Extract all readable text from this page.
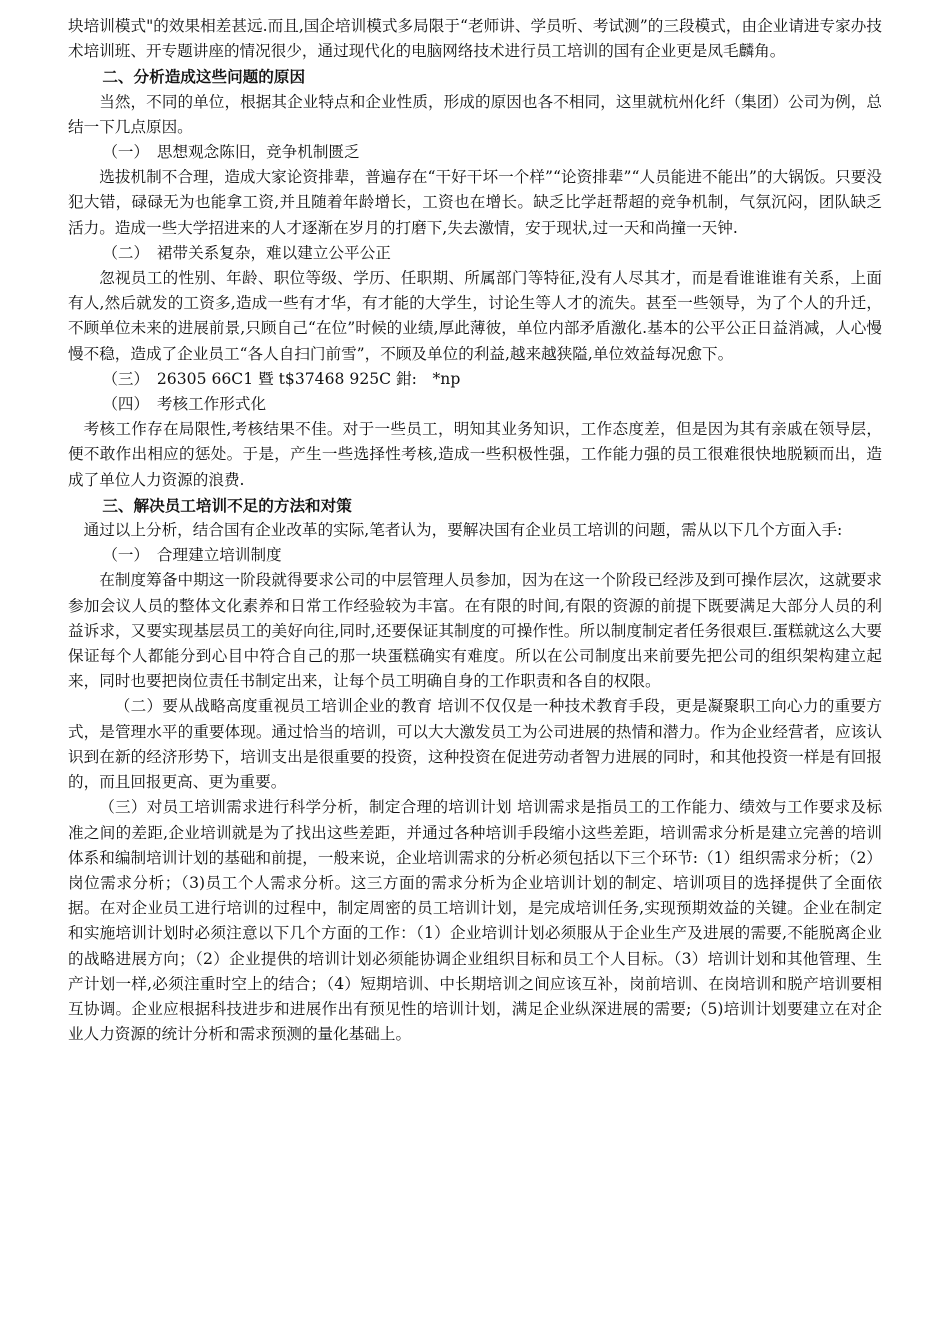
块培训模式"的效果相差甚远.而且,国企培训模式多局限于“老师讲、学员听、考试测”的三段模式，由企业请进专家办技术培训班、开专题讲座的情况很少，通过现代化的电脑网络技术进行员工培训的国有企业更是凤毛麟角。

二、分析造成这些问题的原因

当然，不同的单位，根据其企业特点和企业性质，形成的原因也各不相同，这里就杭州化纤（集团）公司为例，总结一下几点原因。

（一）　思想观念陈旧，竞争机制匮乏

选拔机制不合理，造成大家论资排辈，普遍存在“干好干坏一个样”“论资排辈”“人员能进不能出”的大锅饭。只要没犯大错，碌碌无为也能拿工资,并且随着年龄增长，工资也在增长。缺乏比学赶帮超的竞争机制，气氛沉闷，团队缺乏活力。造成一些大学招进来的人才逐渐在岁月的打磨下,失去激情，安于现状,过一天和尚撞一天钟.

（二）　裙带关系复杂，难以建立公平公正

忽视员工的性别、年龄、职位等级、学历、任职期、所属部门等特征,没有人尽其才，而是看谁谁谁有关系，上面有人,然后就发的工资多,造成一些有才华，有才能的大学生，讨论生等人才的流失。甚至一些领导，为了个人的升迁，不顾单位未来的进展前景,只顾自己“在位”时候的业绩,厚此薄彼，单位内部矛盾激化.基本的公平公正日益消减，人心慢慢不稳，造成了企业员工“各人自扫门前雪”，不顾及单位的利益,越来越狭隘,单位效益每况愈下。

（三）　26305 66C1 暨 t$37468 925C 鉗:　*np

（四）　考核工作形式化

考核工作存在局限性,考核结果不佳。对于一些员工，明知其业务知识，工作态度差，但是因为其有亲戚在领导层，便不敢作出相应的惩处。于是，产生一些选择性考核,造成一些积极性强，工作能力强的员工很难很快地脱颖而出，造成了单位人力资源的浪费.

三、解决员工培训不足的方法和对策

通过以上分析，结合国有企业改革的实际,笔者认为，要解决国有企业员工培训的问题，需从以下几个方面入手:

（一）　合理建立培训制度

在制度筹备中期这一阶段就得要求公司的中层管理人员参加，因为在这一个阶段已经涉及到可操作层次，这就要求参加会议人员的整体文化素养和日常工作经验较为丰富。在有限的时间,有限的资源的前提下既要满足大部分人员的利益诉求，又要实现基层员工的美好向往,同时,还要保证其制度的可操作性。所以制度制定者任务很艰巨.蛋糕就这么大要保证每个人都能分到心目中符合自己的那一块蛋糕确实有难度。所以在公司制度出来前要先把公司的组织架构建立起来，同时也要把岗位责任书制定出来，让每个员工明确自身的工作职责和各自的权限。

（二）要从战略高度重视员工培训企业的教育 培训不仅仅是一种技术教育手段，更是凝聚职工向心力的重要方式，是管理水平的重要体现。通过恰当的培训，可以大大激发员工为公司进展的热情和潜力。作为企业经营者，应该认识到在新的经济形势下，培训支出是很重要的投资，这种投资在促进劳动者智力进展的同时，和其他投资一样是有回报的，而且回报更高、更为重要。

（三）对员工培训需求进行科学分析，制定合理的培训计划 培训需求是指员工的工作能力、绩效与工作要求及标准之间的差距,企业培训就是为了找出这些差距，并通过各种培训手段缩小这些差距，培训需求分析是建立完善的培训体系和编制培训计划的基础和前提，一般来说，企业培训需求的分析必须包括以下三个环节:（1）组织需求分析；（2）岗位需求分析；（3)员工个人需求分析。这三方面的需求分析为企业培训计划的制定、培训项目的选择提供了全面依据。在对企业员工进行培训的过程中，制定周密的员工培训计划，是完成培训任务,实现预期效益的关键。企业在制定和实施培训计划时必须注意以下几个方面的工作：（1）企业培训计划必须服从于企业生产及进展的需要,不能脱离企业的战略进展方向；（2）企业提供的培训计划必须能协调企业组织目标和员工个人目标。（3）培训计划和其他管理、生产计划一样,必须注重时空上的结合；（4）短期培训、中长期培训之间应该互补，岗前培训、在岗培训和脱产培训要相互协调。企业应根据科技进步和进展作出有预见性的培训计划，满足企业纵深进展的需要;（5)培训计划要建立在对企业人力资源的统计分析和需求预测的量化基础上。
